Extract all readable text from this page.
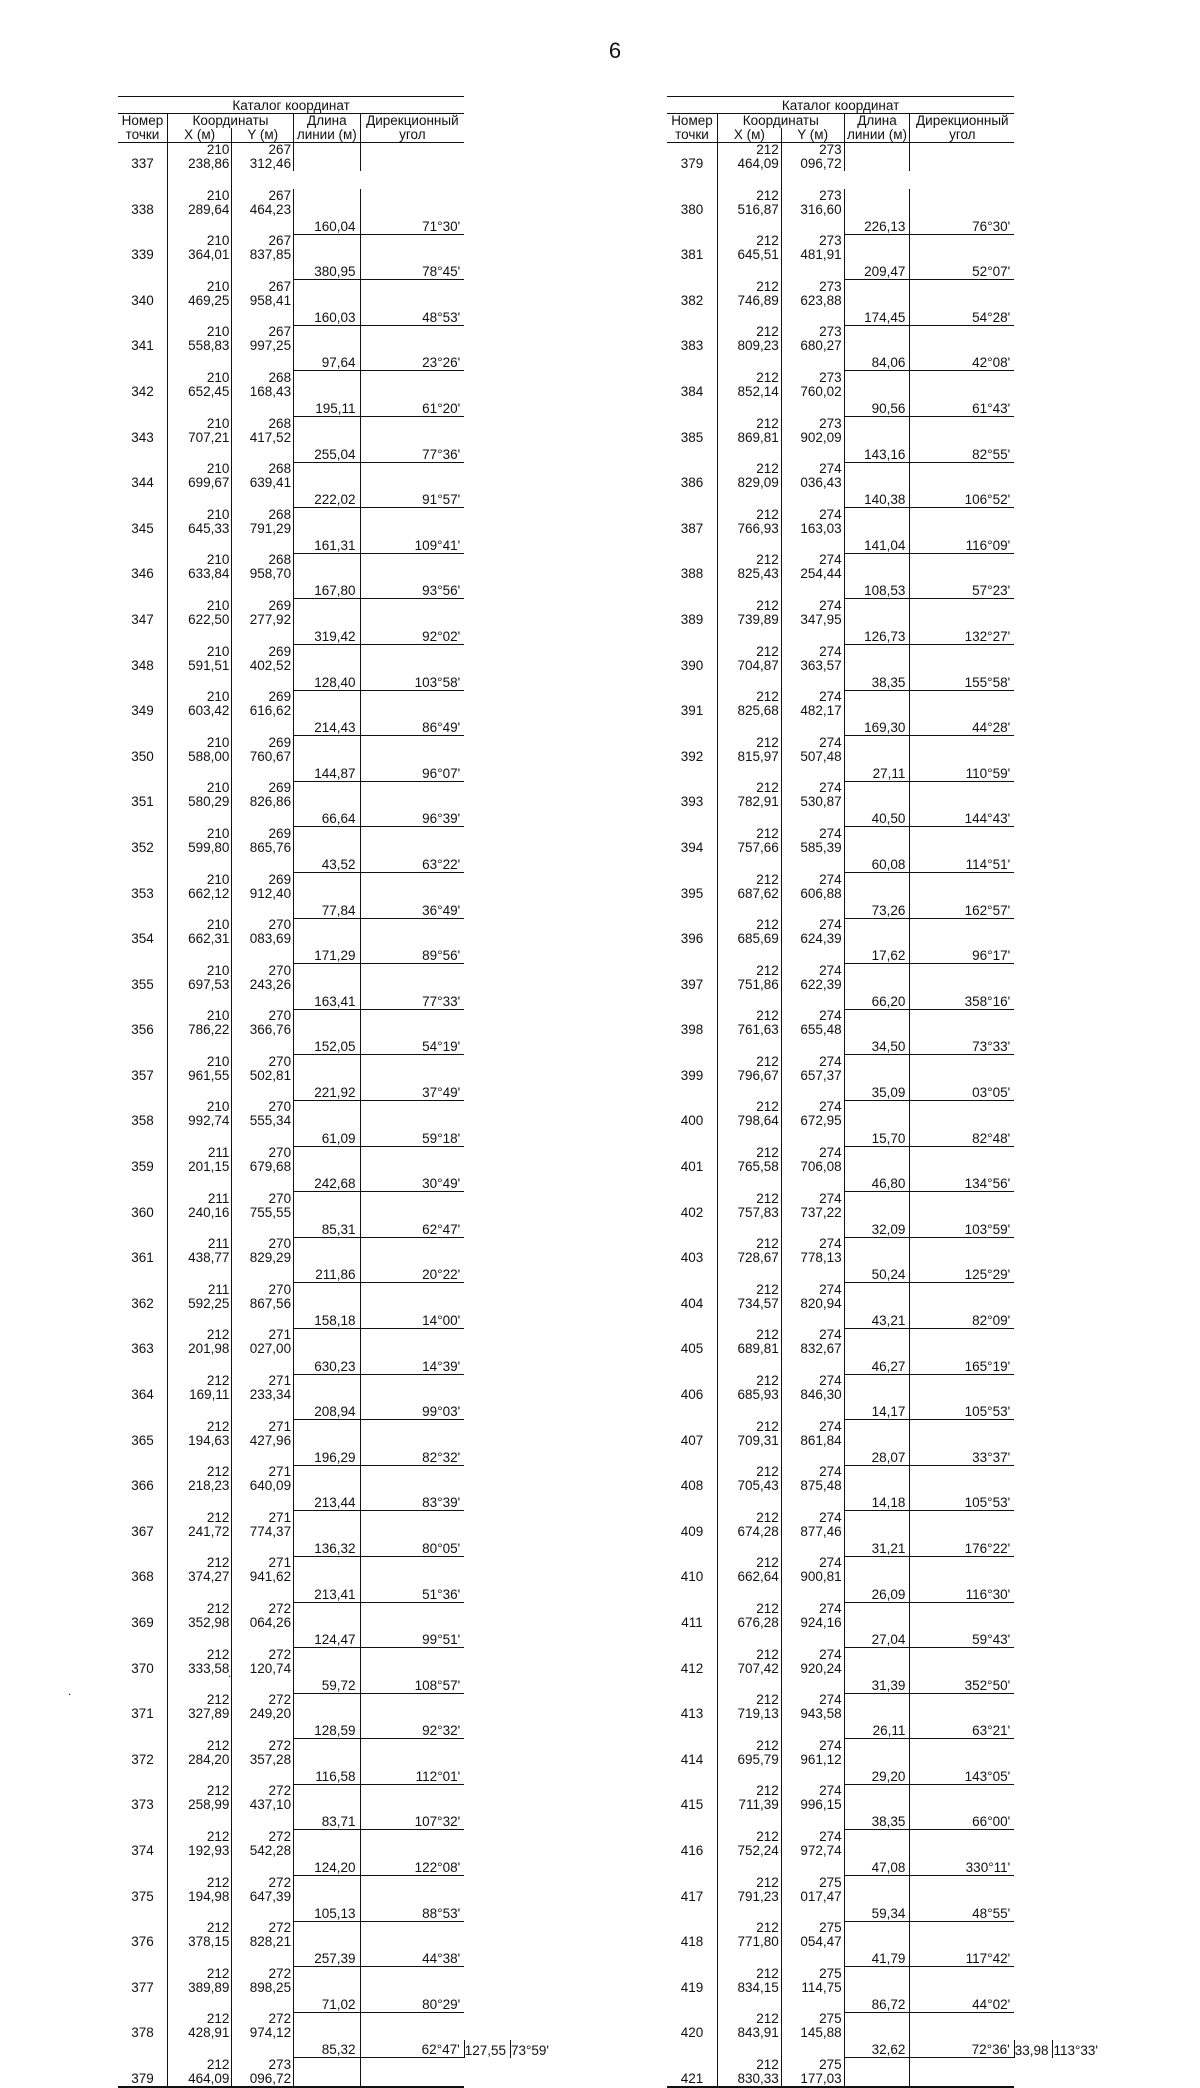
6
Каталог координат						
Номер	Координаты		Длина	Дирекционный		
точки	X (м)	Y (м)	линии (м)	угол		
337	210 238,86	267 312,46				

338	210 289,64	267 464,23	160,04	71°30'		

339	210 364,01	267 837,85	380,95	78°45'		

340	210 469,25	267 958,41	160,03	48°53'		

341	210 558,83	267 997,25	97,64	23°26'		

342	210 652,45	268 168,43	195,11	61°20'		

343	210 707,21	268 417,52	255,04	77°36'		

344	210 699,67	268 639,41	222,02	91°57'		

345	210 645,33	268 791,29	161,31	109°41'		

346	210 633,84	268 958,70	167,80	93°56'		

347	210 622,50	269 277,92	319,42	92°02'		

348	210 591,51	269 402,52	128,40	103°58'		

349	210 603,42	269 616,62	214,43	86°49'		

350	210 588,00	269 760,67	144,87	96°07'		

351	210 580,29	269 826,86	66,64	96°39'		

352	210 599,80	269 865,76	43,52	63°22'		

353	210 662,12	269 912,40	77,84	36°49'		

354	210 662,31	270 083,69	171,29	89°56'		

355	210 697,53	270 243,26	163,41	77°33'		

356	210 786,22	270 366,76	152,05	54°19'		

357	210 961,55	270 502,81	221,92	37°49'		

358	210 992,74	270 555,34	61,09	59°18'		

359	211 201,15	270 679,68	242,68	30°49'		

360	211 240,16	270 755,55	85,31	62°47'		

361	211 438,77	270 829,29	211,86	20°22'		

362	211 592,25	270 867,56	158,18	14°00'		

363	212 201,98	271 027,00	630,23	14°39'		

364	212 169,11	271 233,34	208,94	99°03'		

365	212 194,63	271 427,96	196,29	82°32'		

366	212 218,23	271 640,09	213,44	83°39'		

367	212 241,72	271 774,37	136,32	80°05'		

368	212 374,27	271 941,62	213,41	51°36'		

369	212 352,98	272 064,26	124,47	99°51'		

370	212 333,58	272 120,74	59,72	108°57'		

371	212 327,89	272 249,20	128,59	92°32'		

372	212 284,20	272 357,28	116,58	112°01'		

373	212 258,99	272 437,10	83,71	107°32'		

374	212 192,93	272 542,28	124,20	122°08'		

375	212 194,98	272 647,39	105,13	88°53'		

376	212 378,15	272 828,21	257,39	44°38'		

377	212 389,89	272 898,25	71,02	80°29'		

378	212 428,91	272 974,12	85,32	62°47'		
					127,55	73°59'
379	212 464,09	273 096,72				
Каталог координат						
Номер	Координаты		Длина	Дирекционный		
точки	X (м)	Y (м)	линии (м)	угол		
379	212 464,09	273 096,72				

380	212 516,87	273 316,60	226,13	76°30'		

381	212 645,51	273 481,91	209,47	52°07'		

382	212 746,89	273 623,88	174,45	54°28'		

383	212 809,23	273 680,27	84,06	42°08'		

384	212 852,14	273 760,02	90,56	61°43'		

385	212 869,81	273 902,09	143,16	82°55'		

386	212 829,09	274 036,43	140,38	106°52'		

387	212 766,93	274 163,03	141,04	116°09'		

388	212 825,43	274 254,44	108,53	57°23'		

389	212 739,89	274 347,95	126,73	132°27'		

390	212 704,87	274 363,57	38,35	155°58'		

391	212 825,68	274 482,17	169,30	44°28'		

392	212 815,97	274 507,48	27,11	110°59'		

393	212 782,91	274 530,87	40,50	144°43'		

394	212 757,66	274 585,39	60,08	114°51'		

395	212 687,62	274 606,88	73,26	162°57'		

396	212 685,69	274 624,39	17,62	96°17'		

397	212 751,86	274 622,39	66,20	358°16'		

398	212 761,63	274 655,48	34,50	73°33'		

399	212 796,67	274 657,37	35,09	03°05'		

400	212 798,64	274 672,95	15,70	82°48'		

401	212 765,58	274 706,08	46,80	134°56'		

402	212 757,83	274 737,22	32,09	103°59'		

403	212 728,67	274 778,13	50,24	125°29'		

404	212 734,57	274 820,94	43,21	82°09'		

405	212 689,81	274 832,67	46,27	165°19'		

406	212 685,93	274 846,30	14,17	105°53'		

407	212 709,31	274 861,84	28,07	33°37'		

408	212 705,43	274 875,48	14,18	105°53'		

409	212 674,28	274 877,46	31,21	176°22'		

410	212 662,64	274 900,81	26,09	116°30'		

411	212 676,28	274 924,16	27,04	59°43'		

412	212 707,42	274 920,24	31,39	352°50'		

413	212 719,13	274 943,58	26,11	63°21'		

414	212 695,79	274 961,12	29,20	143°05'		

415	212 711,39	274 996,15	38,35	66°00'		

416	212 752,24	274 972,74	47,08	330°11'		

417	212 791,23	275 017,47	59,34	48°55'		

418	212 771,80	275 054,47	41,79	117°42'		

419	212 834,15	275 114,75	86,72	44°02'		

420	212 843,91	275 145,88	32,62	72°36'		
					33,98	113°33'
421	212 830,33	275 177,03				
.
.
